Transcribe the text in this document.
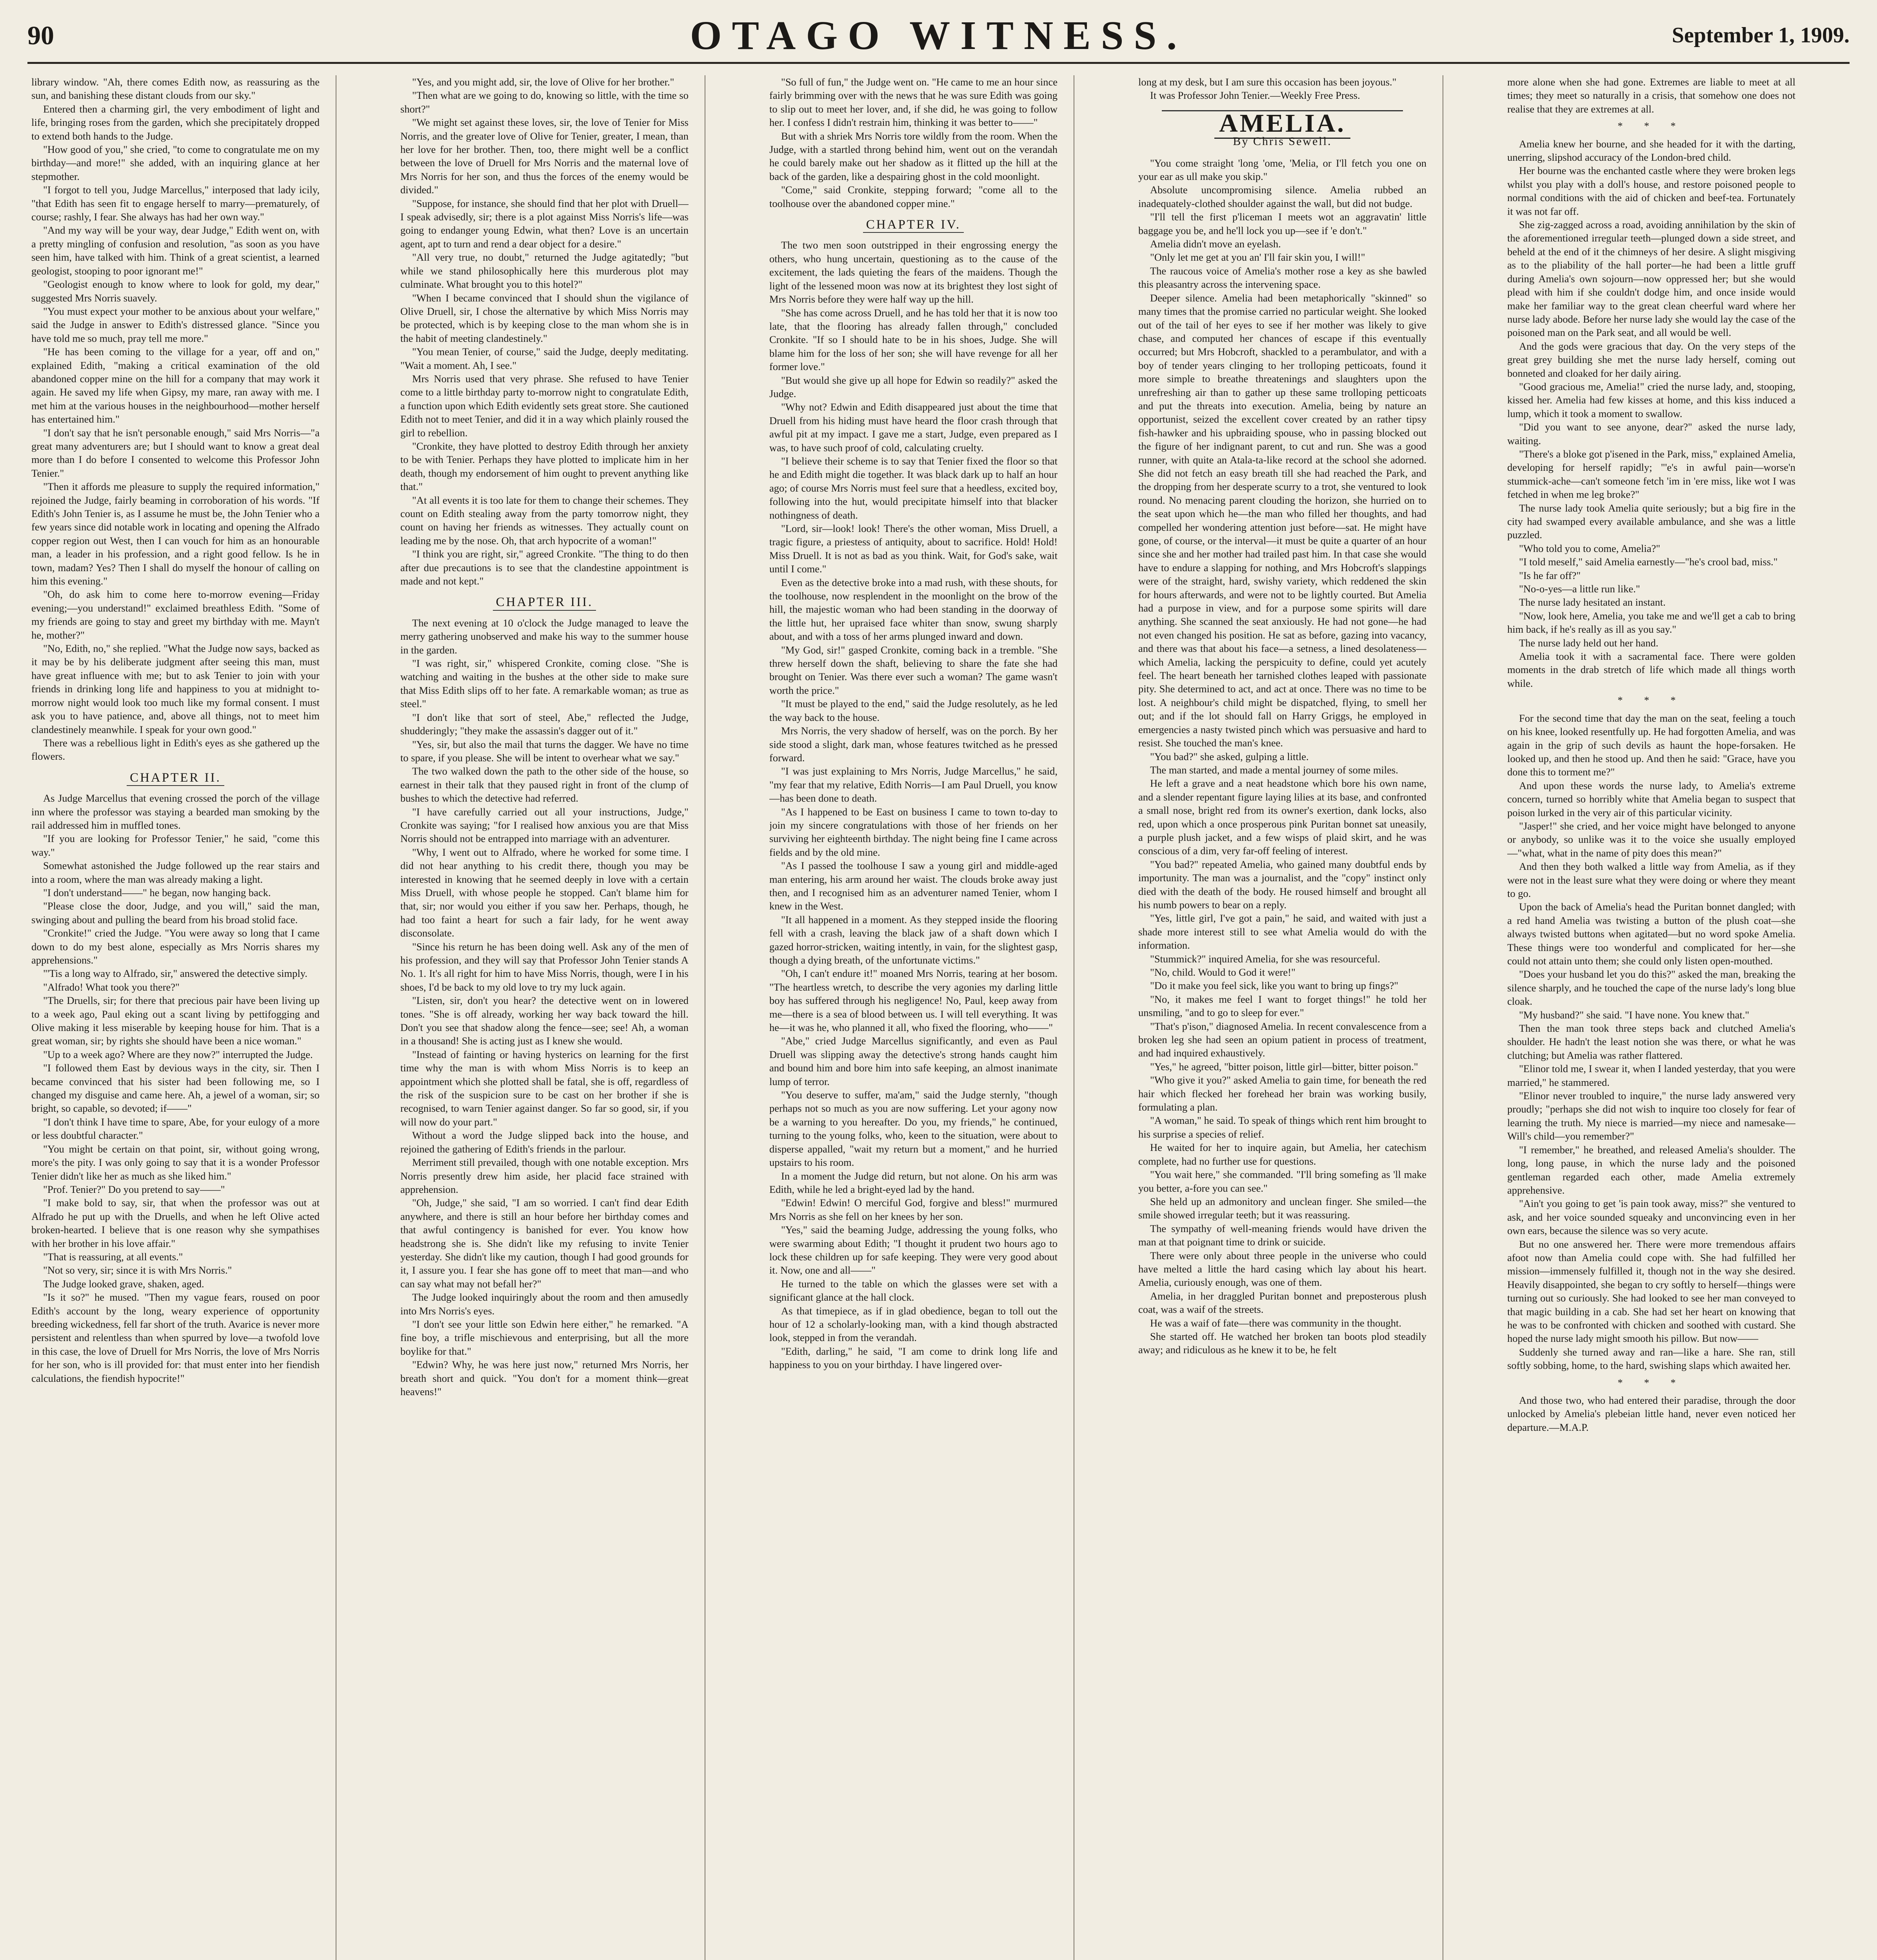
90	OTAGO WITNESS.	September 1, 1909.

library window. "Ah, there comes Edith now, as reassuring as the sun, and banishing these distant clouds from our sky."

Entered then a charming girl, the very embodiment of light and life, bringing roses from the garden, which she precipitately dropped to extend both hands to the Judge.

"How good of you," she cried, "to come to congratulate me on my birthday—and more!" she added, with an inquiring glance at her stepmother.

"I forgot to tell you, Judge Marcellus," interposed that lady icily, "that Edith has seen fit to engage herself to marry—prematurely, of course; rashly, I fear. She always has had her own way."

"And my way will be your way, dear Judge," Edith went on, with a pretty mingling of confusion and resolution, "as soon as you have seen him, have talked with him. Think of a great scientist, a learned geologist, stooping to poor ignorant me!"

"Geologist enough to know where to look for gold, my dear," suggested Mrs Norris suavely.

"You must expect your mother to be anxious about your welfare," said the Judge in answer to Edith's distressed glance. "Since you have told me so much, pray tell me more."

"He has been coming to the village for a year, off and on," explained Edith, "making a critical examination of the old abandoned copper mine on the hill for a company that may work it again. He saved my life when Gipsy, my mare, ran away with me. I met him at the various houses in the neighbourhood—mother herself has entertained him."

"I don't say that he isn't personable enough," said Mrs Norris—"a great many adventurers are; but I should want to know a great deal more than I do before I consented to welcome this Professor John Tenier."

"Then it affords me pleasure to supply the required information," rejoined the Judge, fairly beaming in corroboration of his words. "If Edith's John Tenier is, as I assume he must be, the John Tenier who a few years since did notable work in locating and opening the Alfrado copper region out West, then I can vouch for him as an honourable man, a leader in his profession, and a right good fellow. Is he in town, madam? Yes? Then I shall do myself the honour of calling on him this evening."

"Oh, do ask him to come here to-morrow evening—Friday evening;—you understand!" exclaimed breathless Edith. "Some of my friends are going to stay and greet my birthday with me. Mayn't he, mother?"

"No, Edith, no," she replied. "What the Judge now says, backed as it may be by his deliberate judgment after seeing this man, must have great influence with me; but to ask Tenier to join with your friends in drinking long life and happiness to you at midnight to-morrow night would look too much like my formal consent. I must ask you to have patience, and, above all things, not to meet him clandestinely meanwhile. I speak for your own good."

There was a rebellious light in Edith's eyes as she gathered up the flowers.

CHAPTER II.

As Judge Marcellus that evening crossed the porch of the village inn where the professor was staying a bearded man smoking by the rail addressed him in muffled tones.

"If you are looking for Professor Tenier," he said, "come this way."

Somewhat astonished the Judge followed up the rear stairs and into a room, where the man was already making a light.

"I don't understand——" he began, now hanging back.

"Please close the door, Judge, and you will," said the man, swinging about and pulling the beard from his broad stolid face.

"Cronkite!" cried the Judge. "You were away so long that I came down to do my best alone, especially as Mrs Norris shares my apprehensions."

"'Tis a long way to Alfrado, sir," answered the detective simply.

"Alfrado! What took you there?"

"The Druells, sir; for there that precious pair have been living up to a week ago, Paul eking out a scant living by pettifogging and Olive making it less miserable by keeping house for him. That is a great woman, sir; by rights she should have been a nice woman."

"Up to a week ago? Where are they now?" interrupted the Judge.

"I followed them East by devious ways in the city, sir. Then I became convinced that his sister had been following me, so I changed my disguise and came here. Ah, a jewel of a woman, sir; so bright, so capable, so devoted; if——"

"I don't think I have time to spare, Abe, for your eulogy of a more or less doubtful character."

"You might be certain on that point, sir, without going wrong, more's the pity. I was only going to say that it is a wonder Professor Tenier didn't like her as much as she liked him."

"Prof. Tenier?" Do you pretend to say——"

"I make bold to say, sir, that when the professor was out at Alfrado he put up with the Druells, and when he left Olive acted broken-hearted. I believe that is one reason why she sympathises with her brother in his love affair."

"That is reassuring, at all events."

"Not so very, sir; since it is with Mrs Norris."

The Judge looked grave, shaken, aged.

"Is it so?" he mused. "Then my vague fears, roused on poor Edith's account by the long, weary experience of opportunity breeding wickedness, fell far short of the truth. Avarice is never more persistent and relentless than when spurred by love—a twofold love in this case, the love of Druell for Mrs Norris, the love of Mrs Norris for her son, who is ill provided for: that must enter into her fiendish calculations, the fiendish hypocrite!"

"Yes, and you might add, sir, the love of Olive for her brother."

"Then what are we going to do, knowing so little, with the time so short?"

"We might set against these loves, sir, the love of Tenier for Miss Norris, and the greater love of Olive for Tenier, greater, I mean, than her love for her brother. Then, too, there might well be a conflict between the love of Druell for Mrs Norris and the maternal love of Mrs Norris for her son, and thus the forces of the enemy would be divided."

"Suppose, for instance, she should find that her plot with Druell—I speak advisedly, sir; there is a plot against Miss Norris's life—was going to endanger young Edwin, what then? Love is an uncertain agent, apt to turn and rend a dear object for a desire."

"All very true, no doubt," returned the Judge agitatedly; "but while we stand philosophically here this murderous plot may culminate. What brought you to this hotel?"

"When I became convinced that I should shun the vigilance of Olive Druell, sir, I chose the alternative by which Miss Norris may be protected, which is by keeping close to the man whom she is in the habit of meeting clandestinely."

"You mean Tenier, of course," said the Judge, deeply meditating. "Wait a moment. Ah, I see."

Mrs Norris used that very phrase. She refused to have Tenier come to a little birthday party to-morrow night to congratulate Edith, a function upon which Edith evidently sets great store. She cautioned Edith not to meet Tenier, and did it in a way which plainly roused the girl to rebellion.

"Cronkite, they have plotted to destroy Edith through her anxiety to be with Tenier. Perhaps they have plotted to implicate him in her death, though my endorsement of him ought to prevent anything like that."

"At all events it is too late for them to change their schemes. They count on Edith stealing away from the party tomorrow night, they count on having her friends as witnesses. They actually count on leading me by the nose. Oh, that arch hypocrite of a woman!"

"I think you are right, sir," agreed Cronkite. "The thing to do then after due precautions is to see that the clandestine appointment is made and not kept."

CHAPTER III.

The next evening at 10 o'clock the Judge managed to leave the merry gathering unobserved and make his way to the summer house in the garden.

"I was right, sir," whispered Cronkite, coming close. "She is watching and waiting in the bushes at the other side to make sure that Miss Edith slips off to her fate. A remarkable woman; as true as steel."

"I don't like that sort of steel, Abe," reflected the Judge, shudderingly; "they make the assassin's dagger out of it."

"Yes, sir, but also the mail that turns the dagger. We have no time to spare, if you please. She will be intent to overhear what we say."

The two walked down the path to the other side of the house, so earnest in their talk that they paused right in front of the clump of bushes to which the detective had referred.

"I have carefully carried out all your instructions, Judge," Cronkite was saying; "for I realised how anxious you are that Miss Norris should not be entrapped into marriage with an adventurer.

"Why, I went out to Alfrado, where he worked for some time. I did not hear anything to his credit there, though you may be interested in knowing that he seemed deeply in love with a certain Miss Druell, with whose people he stopped. Can't blame him for that, sir; nor would you either if you saw her. Perhaps, though, he had too faint a heart for such a fair lady, for he went away disconsolate.

"Since his return he has been doing well. Ask any of the men of his profession, and they will say that Professor John Tenier stands A No. 1. It's all right for him to have Miss Norris, though, were I in his shoes, I'd be back to my old love to try my luck again.

"Listen, sir, don't you hear? the detective went on in lowered tones. "She is off already, working her way back toward the hill. Don't you see that shadow along the fence—see; see! Ah, a woman in a thousand! She is acting just as I knew she would.

"Instead of fainting or having hysterics on learning for the first time why the man is with whom Miss Norris is to keep an appointment which she plotted shall be fatal, she is off, regardless of the risk of the suspicion sure to be cast on her brother if she is recognised, to warn Tenier against danger. So far so good, sir, if you will now do your part."

Without a word the Judge slipped back into the house, and rejoined the gathering of Edith's friends in the parlour.

Merriment still prevailed, though with one notable exception. Mrs Norris presently drew him aside, her placid face strained with apprehension.

"Oh, Judge," she said, "I am so worried. I can't find dear Edith anywhere, and there is still an hour before her birthday comes and that awful contingency is banished for ever. You know how headstrong she is. She didn't like my refusing to invite Tenier yesterday. She didn't like my caution, though I had good grounds for it, I assure you. I fear she has gone off to meet that man—and who can say what may not befall her?"

The Judge looked inquiringly about the room and then amusedly into Mrs Norris's eyes.

"I don't see your little son Edwin here either," he remarked. "A fine boy, a trifle mischievous and enterprising, but all the more boylike for that."

"Edwin? Why, he was here just now," returned Mrs Norris, her breath short and quick. "You don't for a moment think—great heavens!"

"So full of fun," the Judge went on. "He came to me an hour since fairly brimming over with the news that he was sure Edith was going to slip out to meet her lover, and, if she did, he was going to follow her. I confess I didn't restrain him, thinking it was better to——"

But with a shriek Mrs Norris tore wildly from the room. When the Judge, with a startled throng behind him, went out on the verandah he could barely make out her shadow as it flitted up the hill at the back of the garden, like a despairing ghost in the cold moonlight.

"Come," said Cronkite, stepping forward; "come all to the toolhouse over the abandoned copper mine."

CHAPTER IV.

The two men soon outstripped in their engrossing energy the others, who hung uncertain, questioning as to the cause of the excitement, the lads quieting the fears of the maidens. Though the light of the lessened moon was now at its brightest they lost sight of Mrs Norris before they were half way up the hill.

"She has come across Druell, and he has told her that it is now too late, that the flooring has already fallen through," concluded Cronkite. "If so I should hate to be in his shoes, Judge. She will blame him for the loss of her son; she will have revenge for all her former love."

"But would she give up all hope for Edwin so readily?" asked the Judge.

"Why not? Edwin and Edith disappeared just about the time that Druell from his hiding must have heard the floor crash through that awful pit at my impact. I gave me a start, Judge, even prepared as I was, to have such proof of cold, calculating cruelty.

"I believe their scheme is to say that Tenier fixed the floor so that he and Edith might die together. It was black dark up to half an hour ago; of course Mrs Norris must feel sure that a heedless, excited boy, following into the hut, would precipitate himself into that blacker nothingness of death.

"Lord, sir—look! look! There's the other woman, Miss Druell, a tragic figure, a priestess of antiquity, about to sacrifice. Hold! Hold! Miss Druell. It is not as bad as you think. Wait, for God's sake, wait until I come."

Even as the detective broke into a mad rush, with these shouts, for the toolhouse, now resplendent in the moonlight on the brow of the hill, the majestic woman who had been standing in the doorway of the little hut, her upraised face whiter than snow, swung sharply about, and with a toss of her arms plunged inward and down.

"My God, sir!" gasped Cronkite, coming back in a tremble. "She threw herself down the shaft, believing to share the fate she had brought on Tenier. Was there ever such a woman? The game wasn't worth the price."

"It must be played to the end," said the Judge resolutely, as he led the way back to the house.

Mrs Norris, the very shadow of herself, was on the porch. By her side stood a slight, dark man, whose features twitched as he pressed forward.

"I was just explaining to Mrs Norris, Judge Marcellus," he said, "my fear that my relative, Edith Norris—I am Paul Druell, you know—has been done to death.

"As I happened to be East on business I came to town to-day to join my sincere congratulations with those of her friends on her surviving her eighteenth birthday. The night being fine I came across fields and by the old mine.

"As I passed the toolhouse I saw a young girl and middle-aged man entering, his arm around her waist. The clouds broke away just then, and I recognised him as an adventurer named Tenier, whom I knew in the West.

"It all happened in a moment. As they stepped inside the flooring fell with a crash, leaving the black jaw of a shaft down which I gazed horror-stricken, waiting intently, in vain, for the slightest gasp, though a dying breath, of the unfortunate victims."

"Oh, I can't endure it!" moaned Mrs Norris, tearing at her bosom. "The heartless wretch, to describe the very agonies my darling little boy has suffered through his negligence! No, Paul, keep away from me—there is a sea of blood between us. I will tell everything. It was he—it was he, who planned it all, who fixed the flooring, who——"

"Abe," cried Judge Marcellus significantly, and even as Paul Druell was slipping away the detective's strong hands caught him and bound him and bore him into safe keeping, an almost inanimate lump of terror.

"You deserve to suffer, ma'am," said the Judge sternly, "though perhaps not so much as you are now suffering. Let your agony now be a warning to you hereafter. Do you, my friends," he continued, turning to the young folks, who, keen to the situation, were about to disperse appalled, "wait my return but a moment," and he hurried upstairs to his room.

In a moment the Judge did return, but not alone. On his arm was Edith, while he led a bright-eyed lad by the hand.

"Edwin! Edwin! O merciful God, forgive and bless!" murmured Mrs Norris as she fell on her knees by her son.

"Yes," said the beaming Judge, addressing the young folks, who were swarming about Edith; "I thought it prudent two hours ago to lock these children up for safe keeping. They were very good about it. Now, one and all——"

He turned to the table on which the glasses were set with a significant glance at the hall clock.

As that timepiece, as if in glad obedience, began to toll out the hour of 12 a scholarly-looking man, with a kind though abstracted look, stepped in from the verandah.

"Edith, darling," he said, "I am come to drink long life and happiness to you on your birthday. I have lingered over-

long at my desk, but I am sure this occasion has been joyous."

It was Professor John Tenier.—Weekly Free Press.

AMELIA.

By Chris Sewell.

"You come straight 'long 'ome, 'Melia, or I'll fetch you one on your ear as ull make you skip."

Absolute uncompromising silence. Amelia rubbed an inadequately-clothed shoulder against the wall, but did not budge.

"I'll tell the first p'liceman I meets wot an aggravatin' little baggage you be, and he'll lock you up—see if 'e don't."

Amelia didn't move an eyelash.

"Only let me get at you an' I'll fair skin you, I will!"

The raucous voice of Amelia's mother rose a key as she bawled this pleasantry across the intervening space.

Deeper silence. Amelia had been metaphorically "skinned" so many times that the promise carried no particular weight. She looked out of the tail of her eyes to see if her mother was likely to give chase, and computed her chances of escape if this eventually occurred; but Mrs Hobcroft, shackled to a perambulator, and with a boy of tender years clinging to her trolloping petticoats, found it more simple to breathe threatenings and slaughters upon the unrefreshing air than to gather up these same trolloping petticoats and put the threats into execution. Amelia, being by nature an opportunist, seized the excellent cover created by an rather tipsy fish-hawker and his upbraiding spouse, who in passing blocked out the figure of her indignant parent, to cut and run. She was a good runner, with quite an Atala-ta-like record at the school she adorned. She did not fetch an easy breath till she had reached the Park, and the dropping from her desperate scurry to a trot, she ventured to look round. No menacing parent clouding the horizon, she hurried on to the seat upon which he—the man who filled her thoughts, and had compelled her wondering attention just before—sat. He might have gone, of course, or the interval—it must be quite a quarter of an hour since she and her mother had trailed past him. In that case she would have to endure a slapping for nothing, and Mrs Hobcroft's slappings were of the straight, hard, swishy variety, which reddened the skin for hours afterwards, and were not to be lightly courted. But Amelia had a purpose in view, and for a purpose some spirits will dare anything. She scanned the seat anxiously. He had not gone—he had not even changed his position. He sat as before, gazing into vacancy, and there was that about his face—a setness, a lined desolateness—which Amelia, lacking the perspicuity to define, could yet acutely feel. The heart beneath her tarnished clothes leaped with passionate pity. She determined to act, and act at once. There was no time to be lost. A neighbour's child might be dispatched, flying, to smell her out; and if the lot should fall on Harry Griggs, he employed in emergencies a nasty twisted pinch which was persuasive and hard to resist. She touched the man's knee.

"You bad?" she asked, gulping a little.

The man started, and made a mental journey of some miles.

He left a grave and a neat headstone which bore his own name, and a slender repentant figure laying lilies at its base, and confronted a small nose, bright red from its owner's exertion, dank locks, also red, upon which a once prosperous pink Puritan bonnet sat uneasily, a purple plush jacket, and a few wisps of plaid skirt, and he was conscious of a dim, very far-off feeling of interest.

"You bad?" repeated Amelia, who gained many doubtful ends by importunity. The man was a journalist, and the "copy" instinct only died with the death of the body. He roused himself and brought all his numb powers to bear on a reply.

"Yes, little girl, I've got a pain," he said, and waited with just a shade more interest still to see what Amelia would do with the information.

"Stummick?" inquired Amelia, for she was resourceful.

"No, child. Would to God it were!"

"Do it make you feel sick, like you want to bring up fings?"

"No, it makes me feel I want to forget things!" he told her unsmiling, "and to go to sleep for ever."

"That's p'ison," diagnosed Amelia. In recent convalescence from a broken leg she had seen an opium patient in process of treatment, and had inquired exhaustively.

"Yes," he agreed, "bitter poison, little girl—bitter, bitter poison."

"Who give it you?" asked Amelia to gain time, for beneath the red hair which flecked her forehead her brain was working busily, formulating a plan.

"A woman," he said. To speak of things which rent him brought to his surprise a species of relief.

He waited for her to inquire again, but Amelia, her catechism complete, had no further use for questions.

"You wait here," she commanded. "I'll bring somefing as 'll make you better, a-fore you can see."

She held up an admonitory and unclean finger. She smiled—the smile showed irregular teeth; but it was reassuring.

The sympathy of well-meaning friends would have driven the man at that poignant time to drink or suicide.

There were only about three people in the universe who could have melted a little the hard casing which lay about his heart. Amelia, curiously enough, was one of them.

Amelia, in her draggled Puritan bonnet and preposterous plush coat, was a waif of the streets.

He was a waif of fate—there was community in the thought.

She started off. He watched her broken tan boots plod steadily away; and ridiculous as he knew it to be, he felt

more alone when she had gone. Extremes are liable to meet at all times; they meet so naturally in a crisis, that somehow one does not realise that they are extremes at all.

* * *

Amelia knew her bourne, and she headed for it with the darting, unerring, slipshod accuracy of the London-bred child.

Her bourne was the enchanted castle where they were broken legs whilst you play with a doll's house, and restore poisoned people to normal conditions with the aid of chicken and beef-tea. Fortunately it was not far off.

She zig-zagged across a road, avoiding annihilation by the skin of the aforementioned irregular teeth—plunged down a side street, and beheld at the end of it the chimneys of her desire. A slight misgiving as to the pliability of the hall porter—he had been a little gruff during Amelia's own sojourn—now oppressed her; but she would plead with him if she couldn't dodge him, and once inside would make her familiar way to the great clean cheerful ward where her nurse lady abode. Before her nurse lady she would lay the case of the poisoned man on the Park seat, and all would be well.

And the gods were gracious that day. On the very steps of the great grey building she met the nurse lady herself, coming out bonneted and cloaked for her daily airing.

"Good gracious me, Amelia!" cried the nurse lady, and, stooping, kissed her. Amelia had few kisses at home, and this kiss induced a lump, which it took a moment to swallow.

"Did you want to see anyone, dear?" asked the nurse lady, waiting.

"There's a bloke got p'isened in the Park, miss," explained Amelia, developing for herself rapidly; "'e's in awful pain—worse'n stummick-ache—can't someone fetch 'im in 'ere miss, like wot I was fetched in when me leg broke?"

The nurse lady took Amelia quite seriously; but a big fire in the city had swamped every available ambulance, and she was a little puzzled.

"Who told you to come, Amelia?"

"I told meself," said Amelia earnestly—"he's crool bad, miss."

"Is he far off?"

"No-o-yes—a little run like."

The nurse lady hesitated an instant.

"Now, look here, Amelia, you take me and we'll get a cab to bring him back, if he's really as ill as you say."

The nurse lady held out her hand.

Amelia took it with a sacramental face. There were golden moments in the drab stretch of life which made all things worth while.

* * *

For the second time that day the man on the seat, feeling a touch on his knee, looked resentfully up. He had forgotten Amelia, and was again in the grip of such devils as haunt the hope-forsaken. He looked up, and then he stood up. And then he said: "Grace, have you done this to torment me?"

And upon these words the nurse lady, to Amelia's extreme concern, turned so horribly white that Amelia began to suspect that poison lurked in the very air of this particular vicinity.

"Jasper!" she cried, and her voice might have belonged to anyone or anybody, so unlike was it to the voice she usually employed—"what, what in the name of pity does this mean?"

And then they both walked a little way from Amelia, as if they were not in the least sure what they were doing or where they meant to go.

Upon the back of Amelia's head the Puritan bonnet dangled; with a red hand Amelia was twisting a button of the plush coat—she always twisted buttons when agitated—but no word spoke Amelia. These things were too wonderful and complicated for her—she could not attain unto them; she could only listen open-mouthed.

"Does your husband let you do this?" asked the man, breaking the silence sharply, and he touched the cape of the nurse lady's long blue cloak.

"My husband?" she said. "I have none. You knew that."

Then the man took three steps back and clutched Amelia's shoulder. He hadn't the least notion she was there, or what he was clutching; but Amelia was rather flattered.

"Elinor told me, I swear it, when I landed yesterday, that you were married," he stammered.

"Elinor never troubled to inquire," the nurse lady answered very proudly; "perhaps she did not wish to inquire too closely for fear of learning the truth. My niece is married—my niece and namesake—Will's child—you remember?"

"I remember," he breathed, and released Amelia's shoulder. The long, long pause, in which the nurse lady and the poisoned gentleman regarded each other, made Amelia extremely apprehensive.

"Ain't you going to get 'is pain took away, miss?" she ventured to ask, and her voice sounded squeaky and unconvincing even in her own ears, because the silence was so very acute.

But no one answered her. There were more tremendous affairs afoot now than Amelia could cope with. She had fulfilled her mission—immensely fulfilled it, though not in the way she desired. Heavily disappointed, she began to cry softly to herself—things were turning out so curiously. She had looked to see her man conveyed to that magic building in a cab. She had set her heart on knowing that he was to be confronted with chicken and soothed with custard. She hoped the nurse lady might smooth his pillow. But now——

Suddenly she turned away and ran—like a hare. She ran, still softly sobbing, home, to the hard, swishing slaps which awaited her.

* * *

And those two, who had entered their paradise, through the door unlocked by Amelia's plebeian little hand, never even noticed her departure.—M.A.P.
